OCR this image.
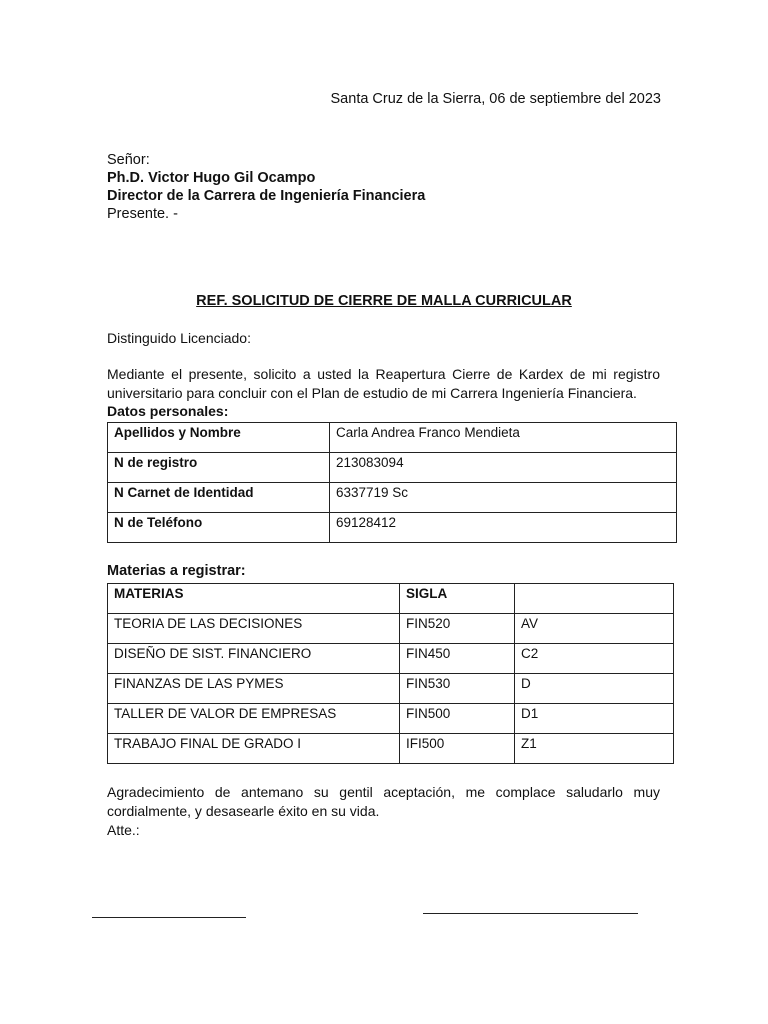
Santa Cruz de la Sierra, 06 de septiembre del 2023
Señor:
Ph.D. Victor Hugo Gil Ocampo
Director de la Carrera de Ingeniería Financiera
Presente. -
REF. SOLICITUD DE CIERRE DE MALLA CURRICULAR
Distinguido Licenciado:
Mediante el presente, solicito a usted la Reapertura Cierre de Kardex de mi registro universitario para concluir con el Plan de estudio de mi Carrera Ingeniería Financiera.
Datos personales:
Apellidos y Nombre	Carla Andrea Franco Mendieta
N de registro	213083094
N Carnet de Identidad	6337719 Sc
N de Teléfono	69128412
Materias a registrar:
MATERIAS	SIGLA	
TEORIA DE LAS DECISIONES	FIN520	AV
DISEÑO DE SIST. FINANCIERO	FIN450	C2
FINANZAS DE LAS PYMES	FIN530	D
TALLER DE VALOR DE EMPRESAS	FIN500	D1
TRABAJO FINAL DE GRADO I	IFI500	Z1
Agradecimiento de antemano su gentil aceptación, me complace saludarlo muy cordialmente, y desasearle éxito en su vida.
Atte.:
